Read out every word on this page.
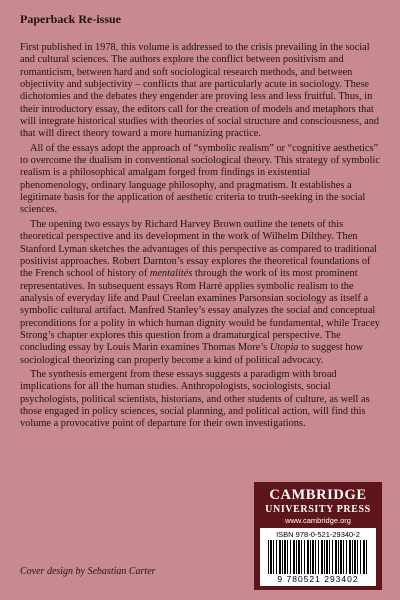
Paperback Re-issue

First published in 1978, this volume is addressed to the crisis prevailing in the social and cultural sciences. The authors explore the conflict between positivism and romanticism, between hard and soft sociological research methods, and between objectivity and subjectivity – conflicts that are particularly acute in sociology. These dichotomies and the debates they engender are proving less and less fruitful. Thus, in their introductory essay, the editors call for the creation of models and metaphors that will integrate historical studies with theories of social structure and consciousness, and that will direct theory toward a more humanizing practice.

All of the essays adopt the approach of “symbolic realism” or “cognitive aesthetics” to overcome the dualism in conventional sociological theory. This strategy of symbolic realism is a philosophical amalgam forged from findings in existential phenomenology, ordinary language philosophy, and pragmatism. It establishes a legitimate basis for the application of aesthetic criteria to truth-seeking in the social sciences.

The opening two essays by Richard Harvey Brown outline the tenets of this theoretical perspective and its development in the work of Wilhelm Dilthey. Then Stanford Lyman sketches the advantages of this perspective as compared to traditional positivist approaches. Robert Darnton’s essay explores the theoretical foundations of the French school of history of mentalités through the work of its most prominent representatives. In subsequent essays Rom Harré applies symbolic realism to the analysis of everyday life and Paul Creelan examines Parsonsian sociology as itself a symbolic cultural artifact. Manfred Stanley’s essay analyzes the social and conceptual preconditions for a polity in which human dignity would be fundamental, while Tracey Strong’s chapter explores this question from a dramaturgical perspective. The concluding essay by Louis Marin examines Thomas More’s Utopia to suggest how sociological theorizing can properly become a kind of political advocacy.

The synthesis emergent from these essays suggests a paradigm with broad implications for all the human studies. Anthropologists, sociologists, social psychologists, political scientists, historians, and other students of culture, as well as those engaged in policy sciences, social planning, and political action, will find this volume a provocative point of departure for their own investigations.

CAMBRIDGE
UNIVERSITY PRESS
www.cambridge.org
ISBN 978-0-521-29340-2
9 780521 293402
Cover design by Sebastian Carter
